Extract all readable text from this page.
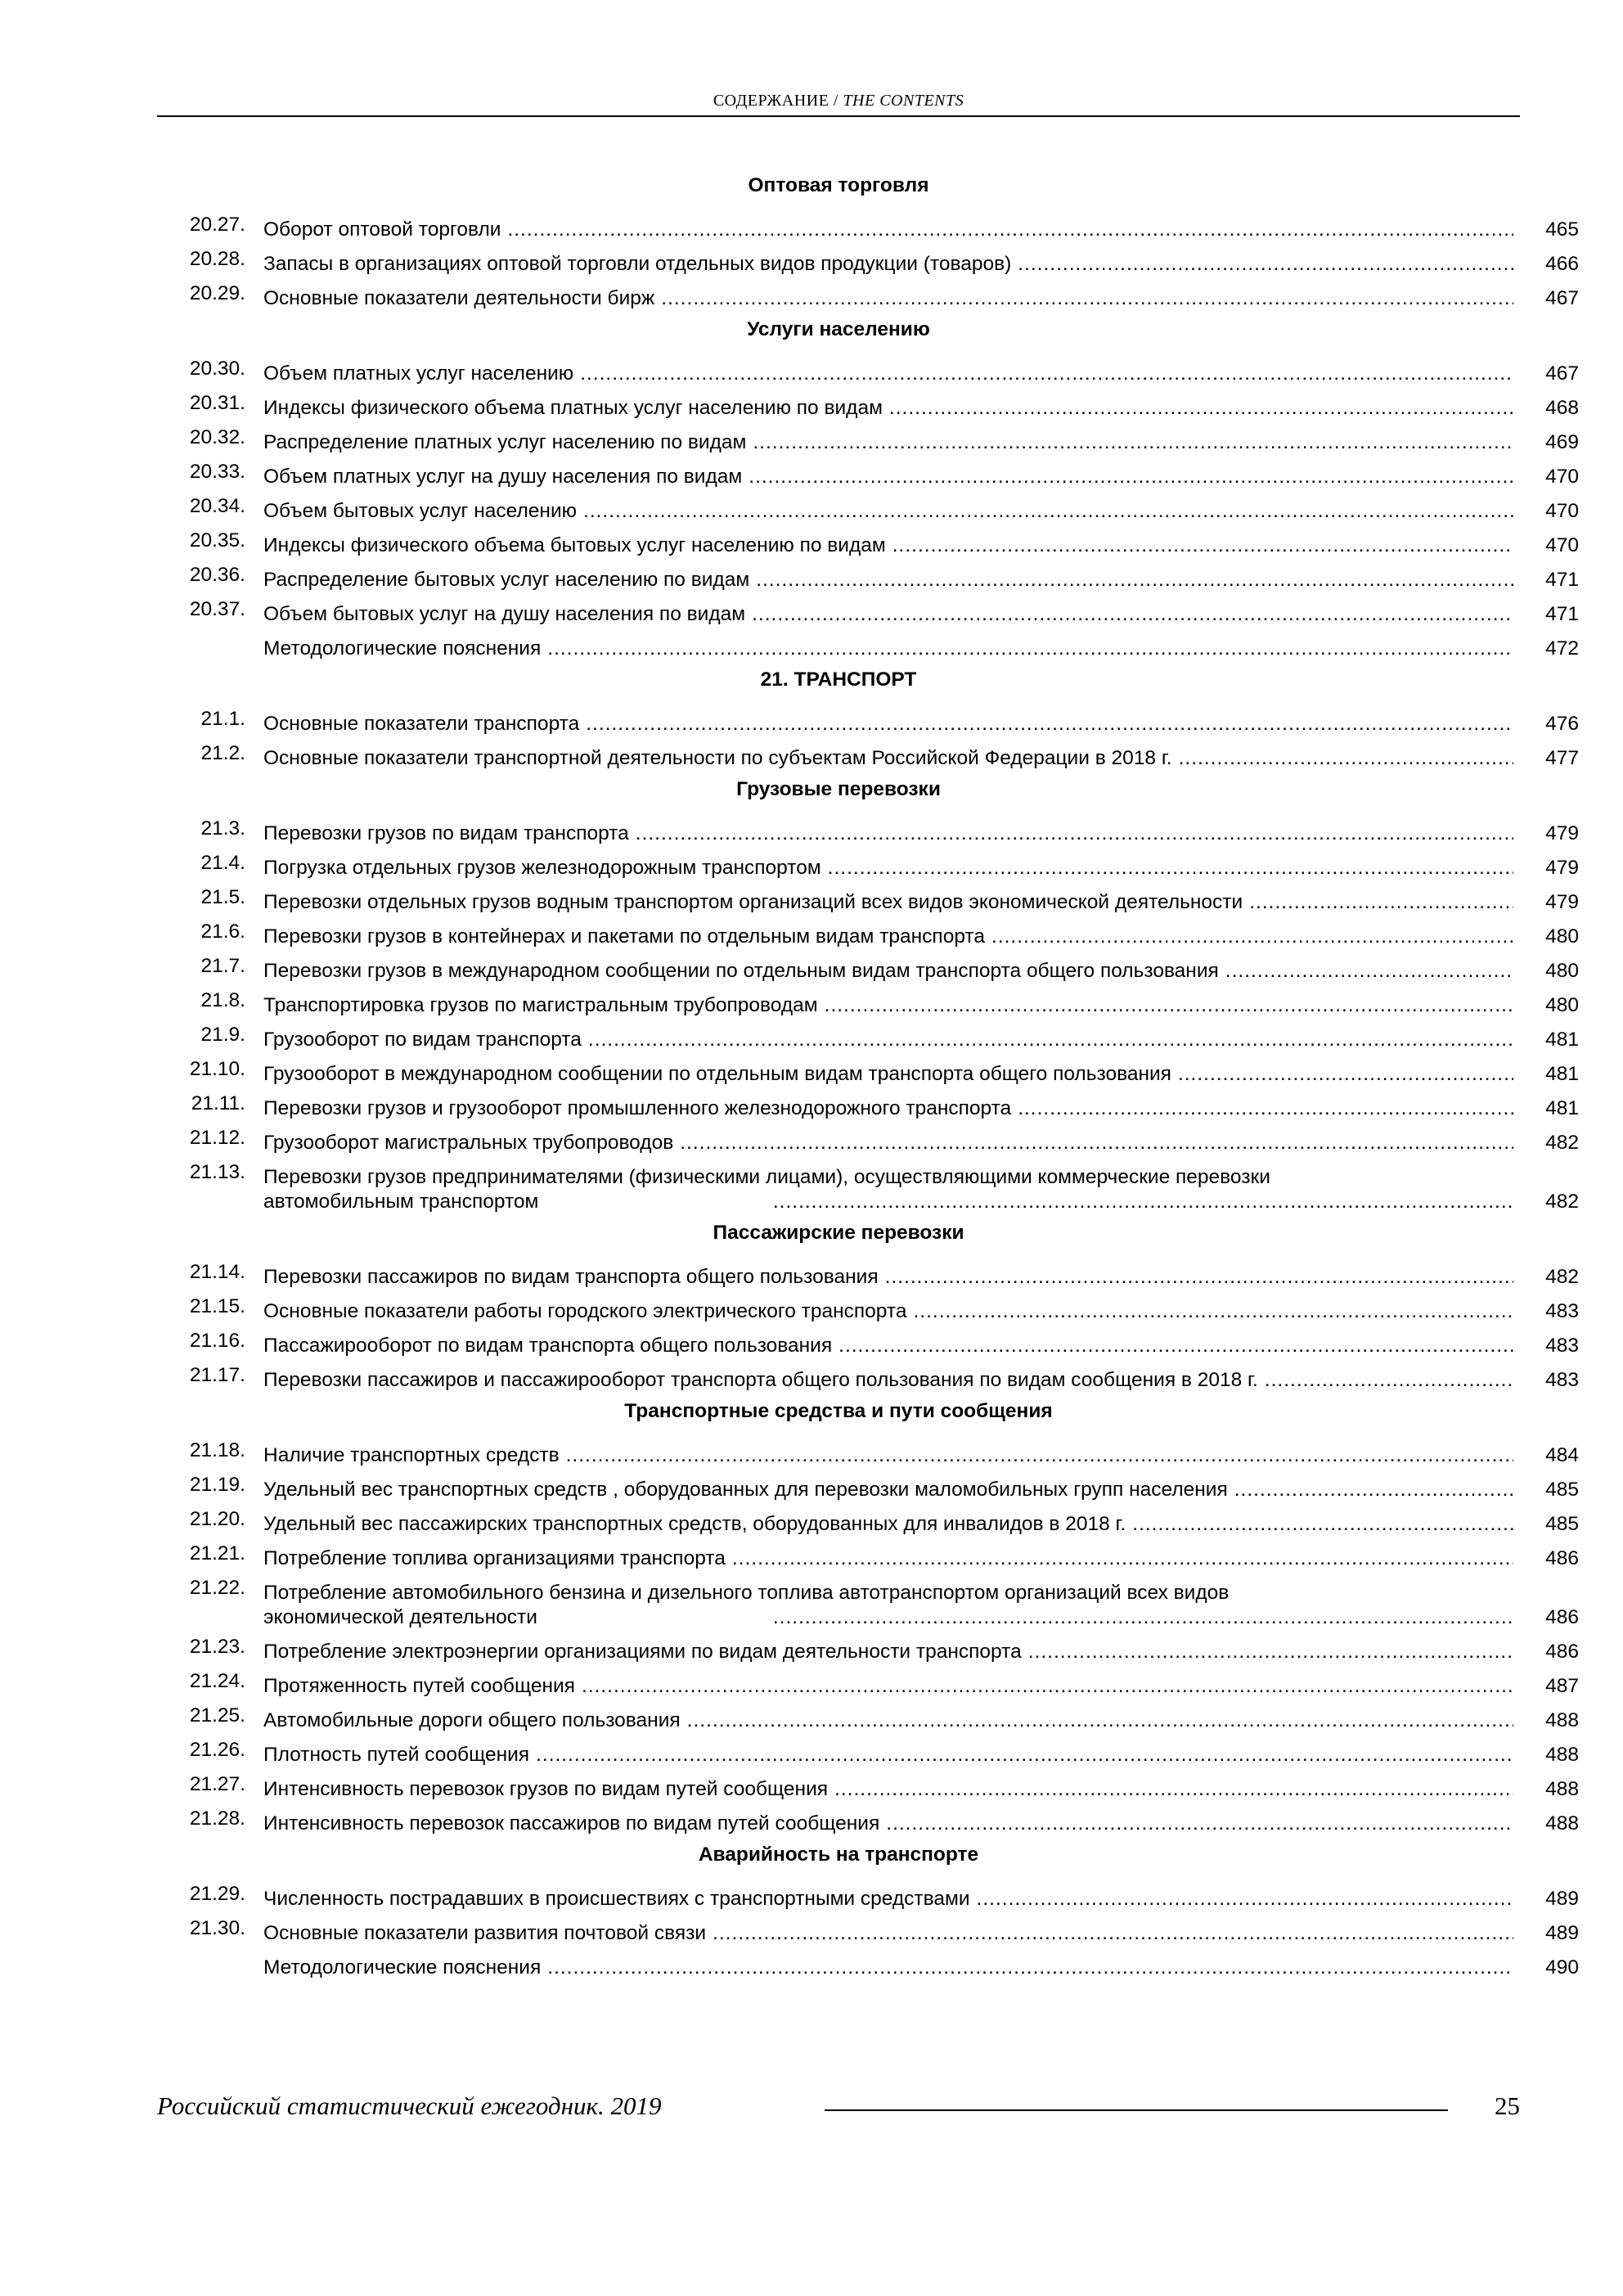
СОДЕРЖАНИЕ / THE CONTENTS
Оптовая торговля
20.27. Оборот оптовой торговли .....	465
20.28. Запасы в организациях оптовой торговли отдельных видов продукции (товаров) .....	466
20.29. Основные показатели деятельности бирж .....	467
Услуги населению
20.30. Объем платных услуг населению .....	467
20.31. Индексы физического объема платных услуг населению по видам .....	468
20.32. Распределение платных услуг населению по видам .....	469
20.33. Объем платных услуг на душу населения по видам .....	470
20.34. Объем бытовых услуг населению .....	470
20.35. Индексы физического объема бытовых услуг населению по видам .....	470
20.36. Распределение бытовых услуг населению по видам .....	471
20.37. Объем бытовых услуг на душу населения по видам .....	471
Методологические пояснения .....	472
21. ТРАНСПОРТ
21.1. Основные показатели транспорта .....	476
21.2. Основные показатели транспортной деятельности по субъектам Российской Федерации в 2018 г. .....	477
Грузовые перевозки
21.3. Перевозки грузов по видам транспорта .....	479
21.4. Погрузка отдельных грузов железнодорожным транспортом .....	479
21.5. Перевозки отдельных грузов водным транспортом организаций всех видов экономической деятельности .....	479
21.6. Перевозки грузов в контейнерах и пакетами по отдельным видам транспорта .....	480
21.7. Перевозки грузов в международном сообщении по отдельным видам транспорта общего пользования .....	480
21.8. Транспортировка грузов по магистральным трубопроводам .....	480
21.9. Грузооборот по видам транспорта .....	481
21.10. Грузооборот в международном сообщении по отдельным видам транспорта общего пользования .....	481
21.11. Перевозки грузов и грузооборот промышленного железнодорожного транспорта .....	481
21.12. Грузооборот магистральных трубопроводов .....	482
21.13. Перевозки грузов предпринимателями (физическими лицами), осуществляющими коммерческие перевозки
автомобильным транспортом .....	482
Пассажирские перевозки
21.14. Перевозки пассажиров по видам транспорта общего пользования .....	482
21.15. Основные показатели работы городского электрического транспорта .....	483
21.16. Пассажирооборот по видам транспорта общего пользования .....	483
21.17. Перевозки пассажиров и пассажирооборот транспорта общего пользования по видам сообщения в 2018 г. .....	483
Транспортные средства и пути сообщения
21.18. Наличие транспортных средств .....	484
21.19. Удельный вес транспортных средств , оборудованных для перевозки маломобильных групп населения .....	485
21.20. Удельный вес пассажирских транспортных средств, оборудованных для инвалидов в 2018 г. .....	485
21.21. Потребление топлива организациями транспорта .....	486
21.22. Потребление автомобильного бензина и дизельного топлива автотранспортом организаций всех видов
экономической деятельности .....	486
21.23. Потребление электроэнергии организациями по видам деятельности транспорта .....	486
21.24. Протяженность путей сообщения .....	487
21.25. Автомобильные дороги общего пользования .....	488
21.26. Плотность путей сообщения .....	488
21.27. Интенсивность перевозок грузов по видам путей сообщения .....	488
21.28. Интенсивность перевозок пассажиров по видам путей сообщения .....	488
Аварийность на транспорте
21.29. Численность пострадавших в происшествиях с транспортными средствами .....	489
21.30. Основные показатели развития почтовой связи .....	489
Методологические пояснения .....	490
Российский статистический ежегодник. 2019	25
